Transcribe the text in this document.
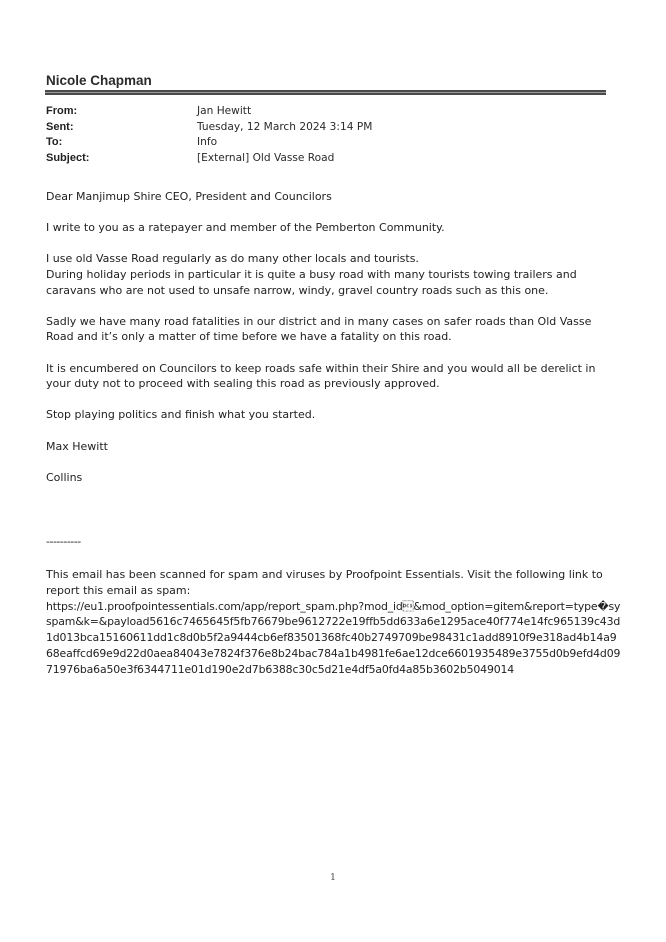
Nicole Chapman
From:	Jan Hewitt
Sent:	Tuesday, 12 March 2024 3:14 PM
To:	Info
Subject:	[External] Old Vasse Road

Dear Manjimup Shire CEO, President and Councilors

I write to you as a ratepayer and member of the Pemberton Community.

I use old Vasse Road regularly as do many other locals and tourists.
During holiday periods in particular it is quite a busy road with many tourists towing trailers and caravans who are not used to unsafe narrow, windy, gravel country roads such as this one.

Sadly we have many road fatalities in our district and in many cases on safer roads than Old Vasse Road and it’s only a matter of time before we have a fatality on this road.

It is encumbered on Councilors to keep roads safe within their Shire and you would all be derelict in your duty not to proceed with sealing this road as previously approved.

Stop playing politics and finish what you started.

Max Hewitt

Collins

----------

This email has been scanned for spam and viruses by Proofpoint Essentials. Visit the following link to report this email as spam:

https://eu1.proofpointessentials.com/app/report_spam.php?mod_id&mod_option=gitem&report=type�syspam&k=&payload5616c7465645f5fb76679be9612722e19ffb5dd633a6e1295ace40f774e14fc965139c43d1d013bca15160611dd1c8d0b5f2a9444cb6ef83501368fc40b2749709be98431c1add8910f9e318ad4b14a968eaffcd69e9d22d0aea84043e7824f376e8b24bac784a1b4981fe6ae12dce6601935489e3755d0b9efd4d0971976ba6a50e3f6344711e01d190e2d7b6388c30c5d21e4df5a0fd4a85b3602b5049014

1
